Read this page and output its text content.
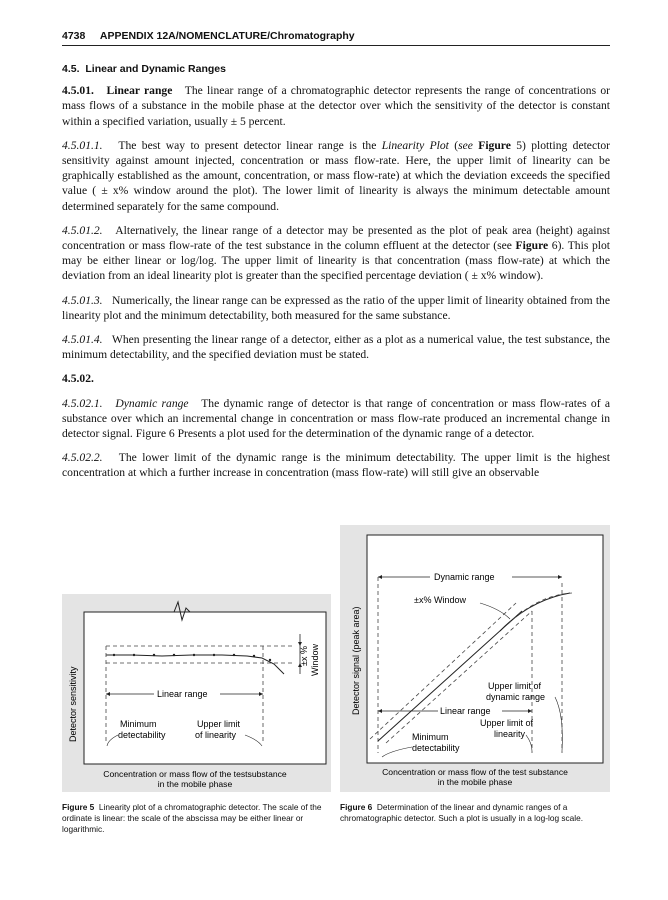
4738 APPENDIX 12A/NOMENCLATURE/Chromatography

4.5. Linear and Dynamic Ranges

4.5.01. Linear range The linear range of a chromatographic detector represents the range of concentrations or mass flows of a substance in the mobile phase at the detector over which the sensitivity of the detector is constant within a specified variation, usually ± 5 percent.

4.5.01.1. The best way to present detector linear range is the Linearity Plot (see Figure 5) plotting detector sensitivity against amount injected, concentration or mass flow-rate. Here, the upper limit of linearity can be graphically established as the amount, concentration, or mass flow-rate) at which the deviation exceeds the specified value ( ± x% window around the plot). The lower limit of linearity is always the minimum detectable amount determined separately for the same compound.

4.5.01.2. Alternatively, the linear range of a detector may be presented as the plot of peak area (height) against concentration or mass flow-rate of the test substance in the column effluent at the detector (see Figure 6). This plot may be either linear or log/log. The upper limit of linearity is that concentration (mass flow-rate) at which the deviation from an ideal linearity plot is greater than the specified percentage deviation ( ± x% window).

4.5.01.3. Numerically, the linear range can be expressed as the ratio of the upper limit of linearity obtained from the linearity plot and the minimum detectability, both measured for the same substance.

4.5.01.4. When presenting the linear range of a detector, either as a plot as a numerical value, the test substance, the minimum detectability, and the specified deviation must be stated.

4.5.02.

4.5.02.1. Dynamic range The dynamic range of detector is that range of concentration or mass flow-rates of a substance over which an incremental change in concentration or mass flow-rate produced an incremental change in detector signal. Figure 6 Presents a plot used for the determination of the dynamic range of a detector.

4.5.02.2. The lower limit of the dynamic range is the minimum detectability. The upper limit is the highest concentration at which a further increase in concentration (mass flow-rate) will still give an observable

±x % Window
Linear range
Minimum
detectability
Upper limit
of linearity
Detector sensitivity
Concentration or mass flow of the testsubstance
in the mobile phase
Dynamic range
±x% Window
Linear range
Upper limit of
dynamic range
Upper limit of
linearity
Minimum
detectability
Detector signal (peak area)
Concentration or mass flow of the test substance
in the mobile phase
Figure 5 Linearity plot of a chromatographic detector. The scale of the ordinate is linear: the scale of the abscissa may be either linear or logarithmic.
Figure 6 Determination of the linear and dynamic ranges of a chromatographic detector. Such a plot is usually in a log-log scale.
